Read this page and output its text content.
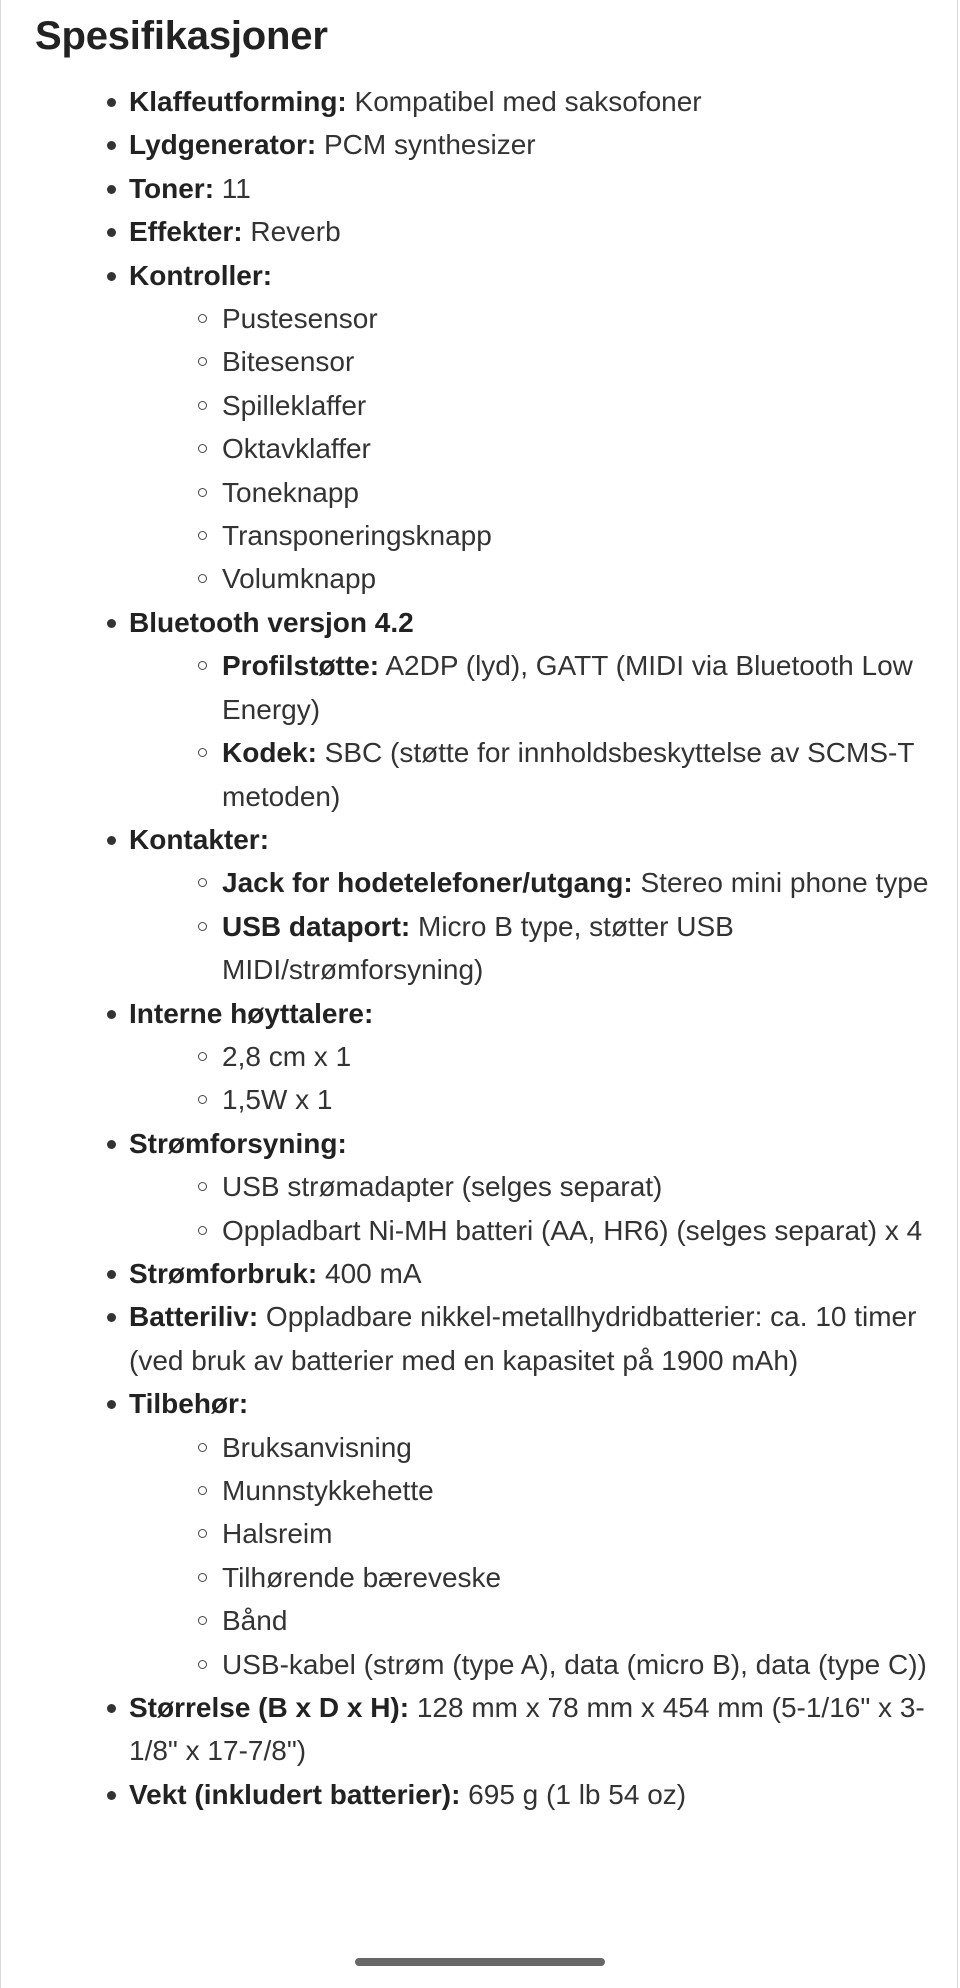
Spesifikasjoner
Klaffeutforming: Kompatibel med saksofoner
Lydgenerator: PCM synthesizer
Toner: 11
Effekter: Reverb
Kontroller:
Pustesensor
Bitesensor
Spilleklaffer
Oktavklaffer
Toneknapp
Transponeringsknapp
Volumknapp
Bluetooth versjon 4.2
Profilstøtte: A2DP (lyd), GATT (MIDI via Bluetooth Low Energy)
Kodek: SBC (støtte for innholdsbeskyttelse av SCMS-T metoden)
Kontakter:
Jack for hodetelefoner/utgang: Stereo mini phone type
USB dataport: Micro B type, støtter USB MIDI/strømforsyning)
Interne høyttalere:
2,8 cm x 1
1,5W x 1
Strømforsyning:
USB strømadapter (selges separat)
Oppladbart Ni-MH batteri (AA, HR6) (selges separat) x 4
Strømforbruk: 400 mA
Batteriliv: Oppladbare nikkel-metallhydridbatterier: ca. 10 timer (ved bruk av batterier med en kapasitet på 1900 mAh)
Tilbehør:
Bruksanvisning
Munnstykkehette
Halsreim
Tilhørende bæreveske
Bånd
USB-kabel (strøm (type A), data (micro B), data (type C))
Størrelse (B x D x H): 128 mm x 78 mm x 454 mm (5-1/16" x 3-1/8" x 17-7/8")
Vekt (inkludert batterier): 695 g (1 lb 54 oz)
